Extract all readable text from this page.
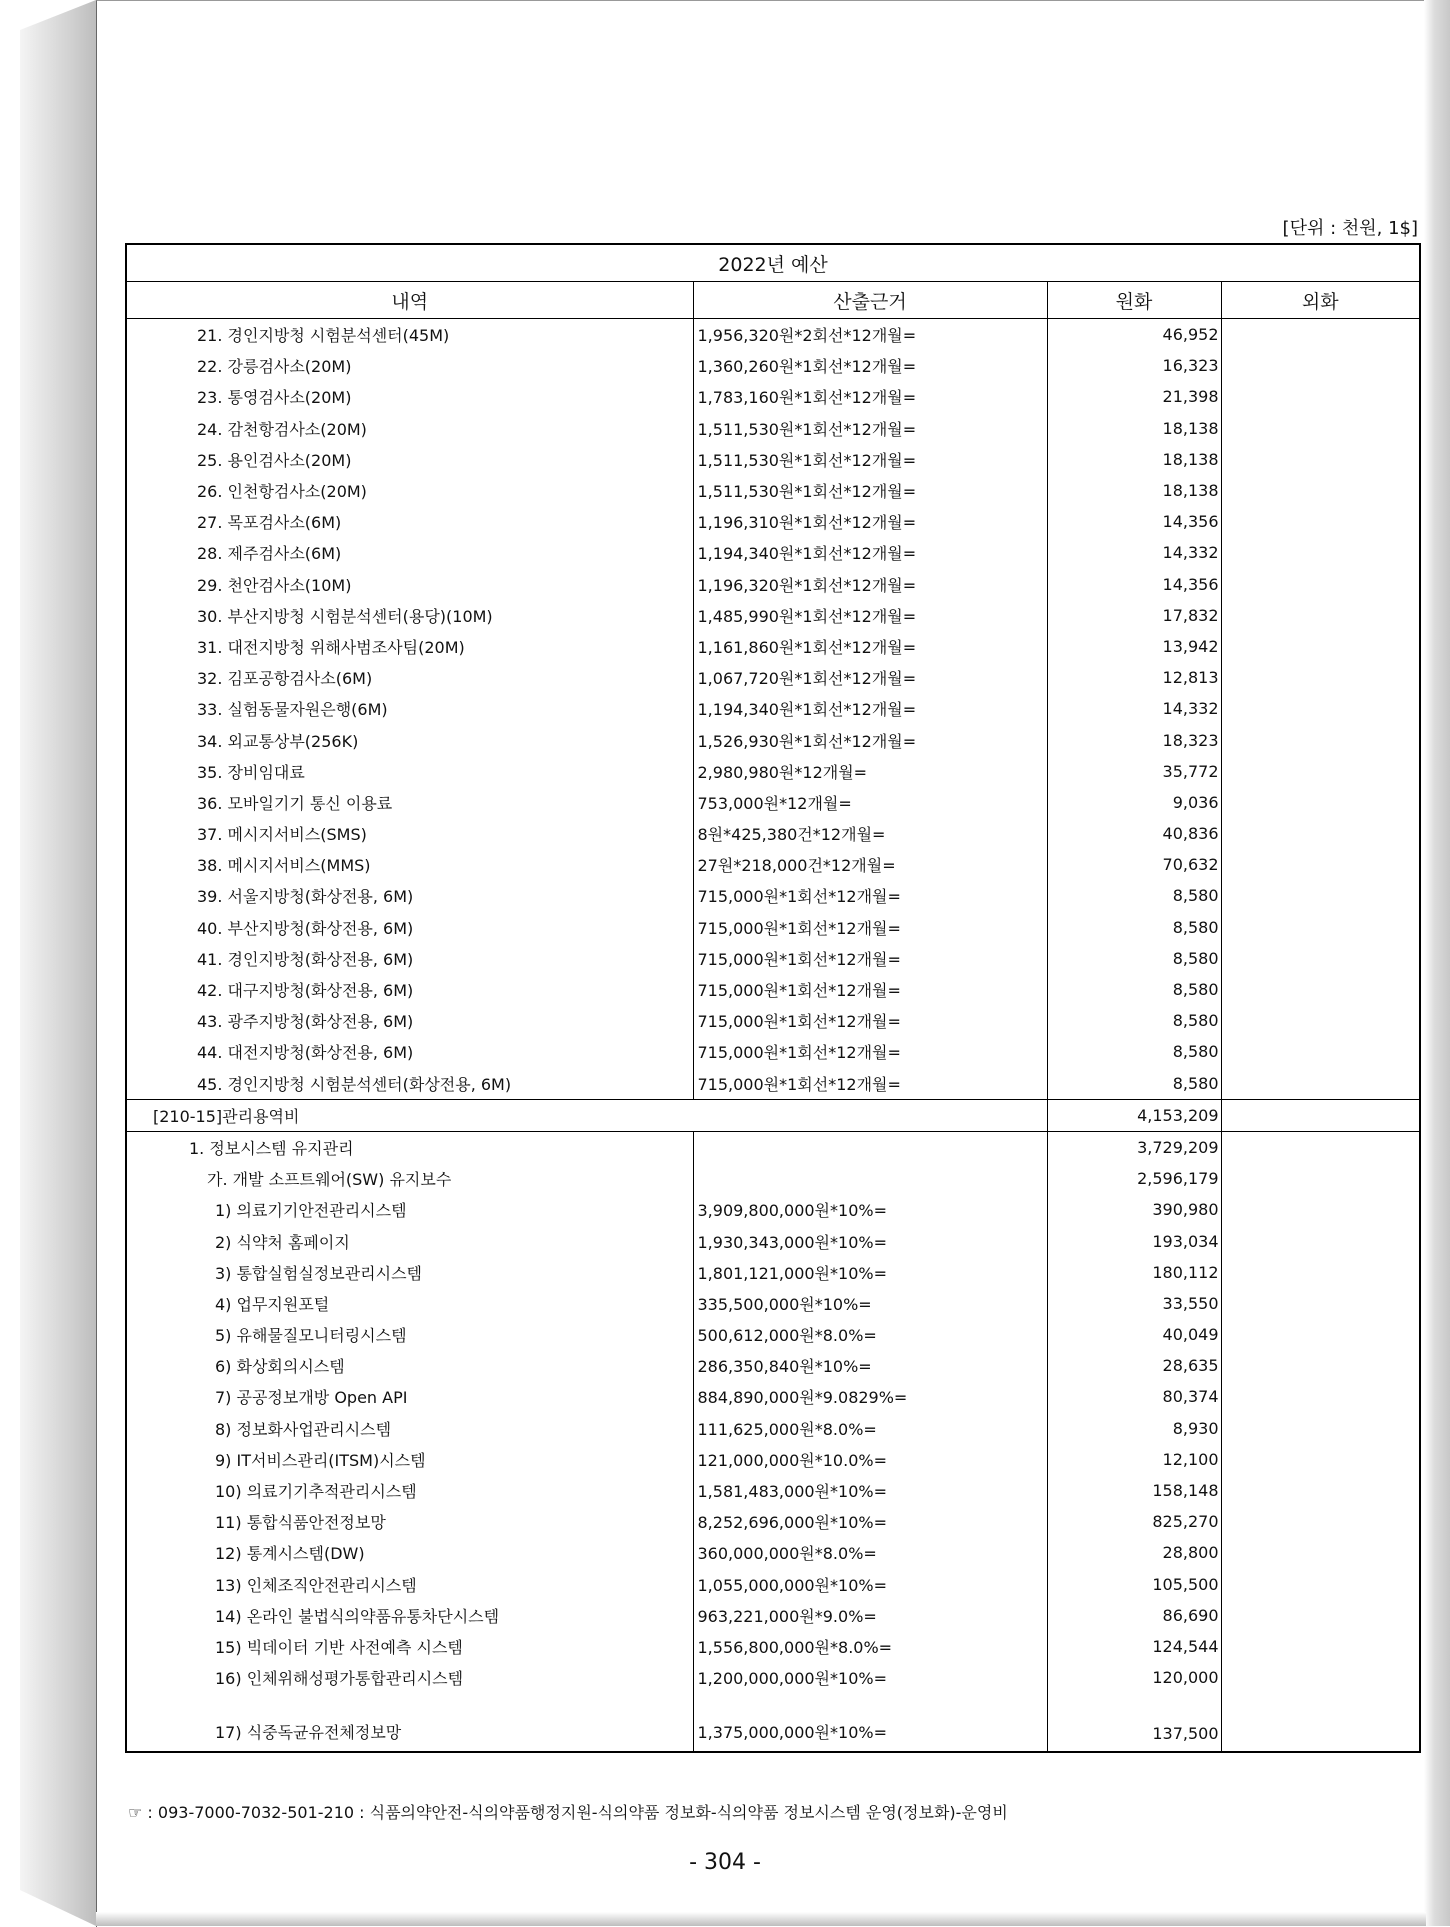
[단위 : 천원, 1$]
2022년 예산			
내역	산출근거	원화	외화
21. 경인지방청 시험분석센터(45M)	1,956,320원*2회선*12개월=	46,952	
22. 강릉검사소(20M)	1,360,260원*1회선*12개월=	16,323	
23. 통영검사소(20M)	1,783,160원*1회선*12개월=	21,398	
24. 감천항검사소(20M)	1,511,530원*1회선*12개월=	18,138	
25. 용인검사소(20M)	1,511,530원*1회선*12개월=	18,138	
26. 인천항검사소(20M)	1,511,530원*1회선*12개월=	18,138	
27. 목포검사소(6M)	1,196,310원*1회선*12개월=	14,356	
28. 제주검사소(6M)	1,194,340원*1회선*12개월=	14,332	
29. 천안검사소(10M)	1,196,320원*1회선*12개월=	14,356	
30. 부산지방청 시험분석센터(용당)(10M)	1,485,990원*1회선*12개월=	17,832	
31. 대전지방청 위해사범조사팀(20M)	1,161,860원*1회선*12개월=	13,942	
32. 김포공항검사소(6M)	1,067,720원*1회선*12개월=	12,813	
33. 실험동물자원은행(6M)	1,194,340원*1회선*12개월=	14,332	
34. 외교통상부(256K)	1,526,930원*1회선*12개월=	18,323	
35. 장비임대료	2,980,980원*12개월=	35,772	
36. 모바일기기 통신 이용료	753,000원*12개월=	9,036	
37. 메시지서비스(SMS)	8원*425,380건*12개월=	40,836	
38. 메시지서비스(MMS)	27원*218,000건*12개월=	70,632	
39. 서울지방청(화상전용, 6M)	715,000원*1회선*12개월=	8,580	
40. 부산지방청(화상전용, 6M)	715,000원*1회선*12개월=	8,580	
41. 경인지방청(화상전용, 6M)	715,000원*1회선*12개월=	8,580	
42. 대구지방청(화상전용, 6M)	715,000원*1회선*12개월=	8,580	
43. 광주지방청(화상전용, 6M)	715,000원*1회선*12개월=	8,580	
44. 대전지방청(화상전용, 6M)	715,000원*1회선*12개월=	8,580	
45. 경인지방청 시험분석센터(화상전용, 6M)	715,000원*1회선*12개월=	8,580	
[210-15]관리용역비		4,153,209	
1. 정보시스템 유지관리		3,729,209	
가. 개발 소프트웨어(SW) 유지보수		2,596,179	
1) 의료기기안전관리시스템	3,909,800,000원*10%=	390,980	
2) 식약처 홈페이지	1,930,343,000원*10%=	193,034	
3) 통합실험실정보관리시스템	1,801,121,000원*10%=	180,112	
4) 업무지원포털	335,500,000원*10%=	33,550	
5) 유해물질모니터링시스템	500,612,000원*8.0%=	40,049	
6) 화상회의시스템	286,350,840원*10%=	28,635	
7) 공공정보개방 Open API	884,890,000원*9.0829%=	80,374	
8) 정보화사업관리시스템	111,625,000원*8.0%=	8,930	
9) IT서비스관리(ITSM)시스템	121,000,000원*10.0%=	12,100	
10) 의료기기추적관리시스템	1,581,483,000원*10%=	158,148	
11) 통합식품안전정보망	8,252,696,000원*10%=	825,270	
12) 통계시스템(DW)	360,000,000원*8.0%=	28,800	
13) 인체조직안전관리시스템	1,055,000,000원*10%=	105,500	
14) 온라인 불법식의약품유통차단시스템	963,221,000원*9.0%=	86,690	
15) 빅데이터 기반 사전예측 시스템	1,556,800,000원*8.0%=	124,544	
16) 인체위해성평가통합관리시스템	1,200,000,000원*10%=	120,000	
17) 식중독균유전체정보망	1,375,000,000원*10%=	137,500	
☞ : 093-7000-7032-501-210 : 식품의약안전-식의약품행정지원-식의약품 정보화-식의약품 정보시스템 운영(정보화)-운영비
- 304 -
